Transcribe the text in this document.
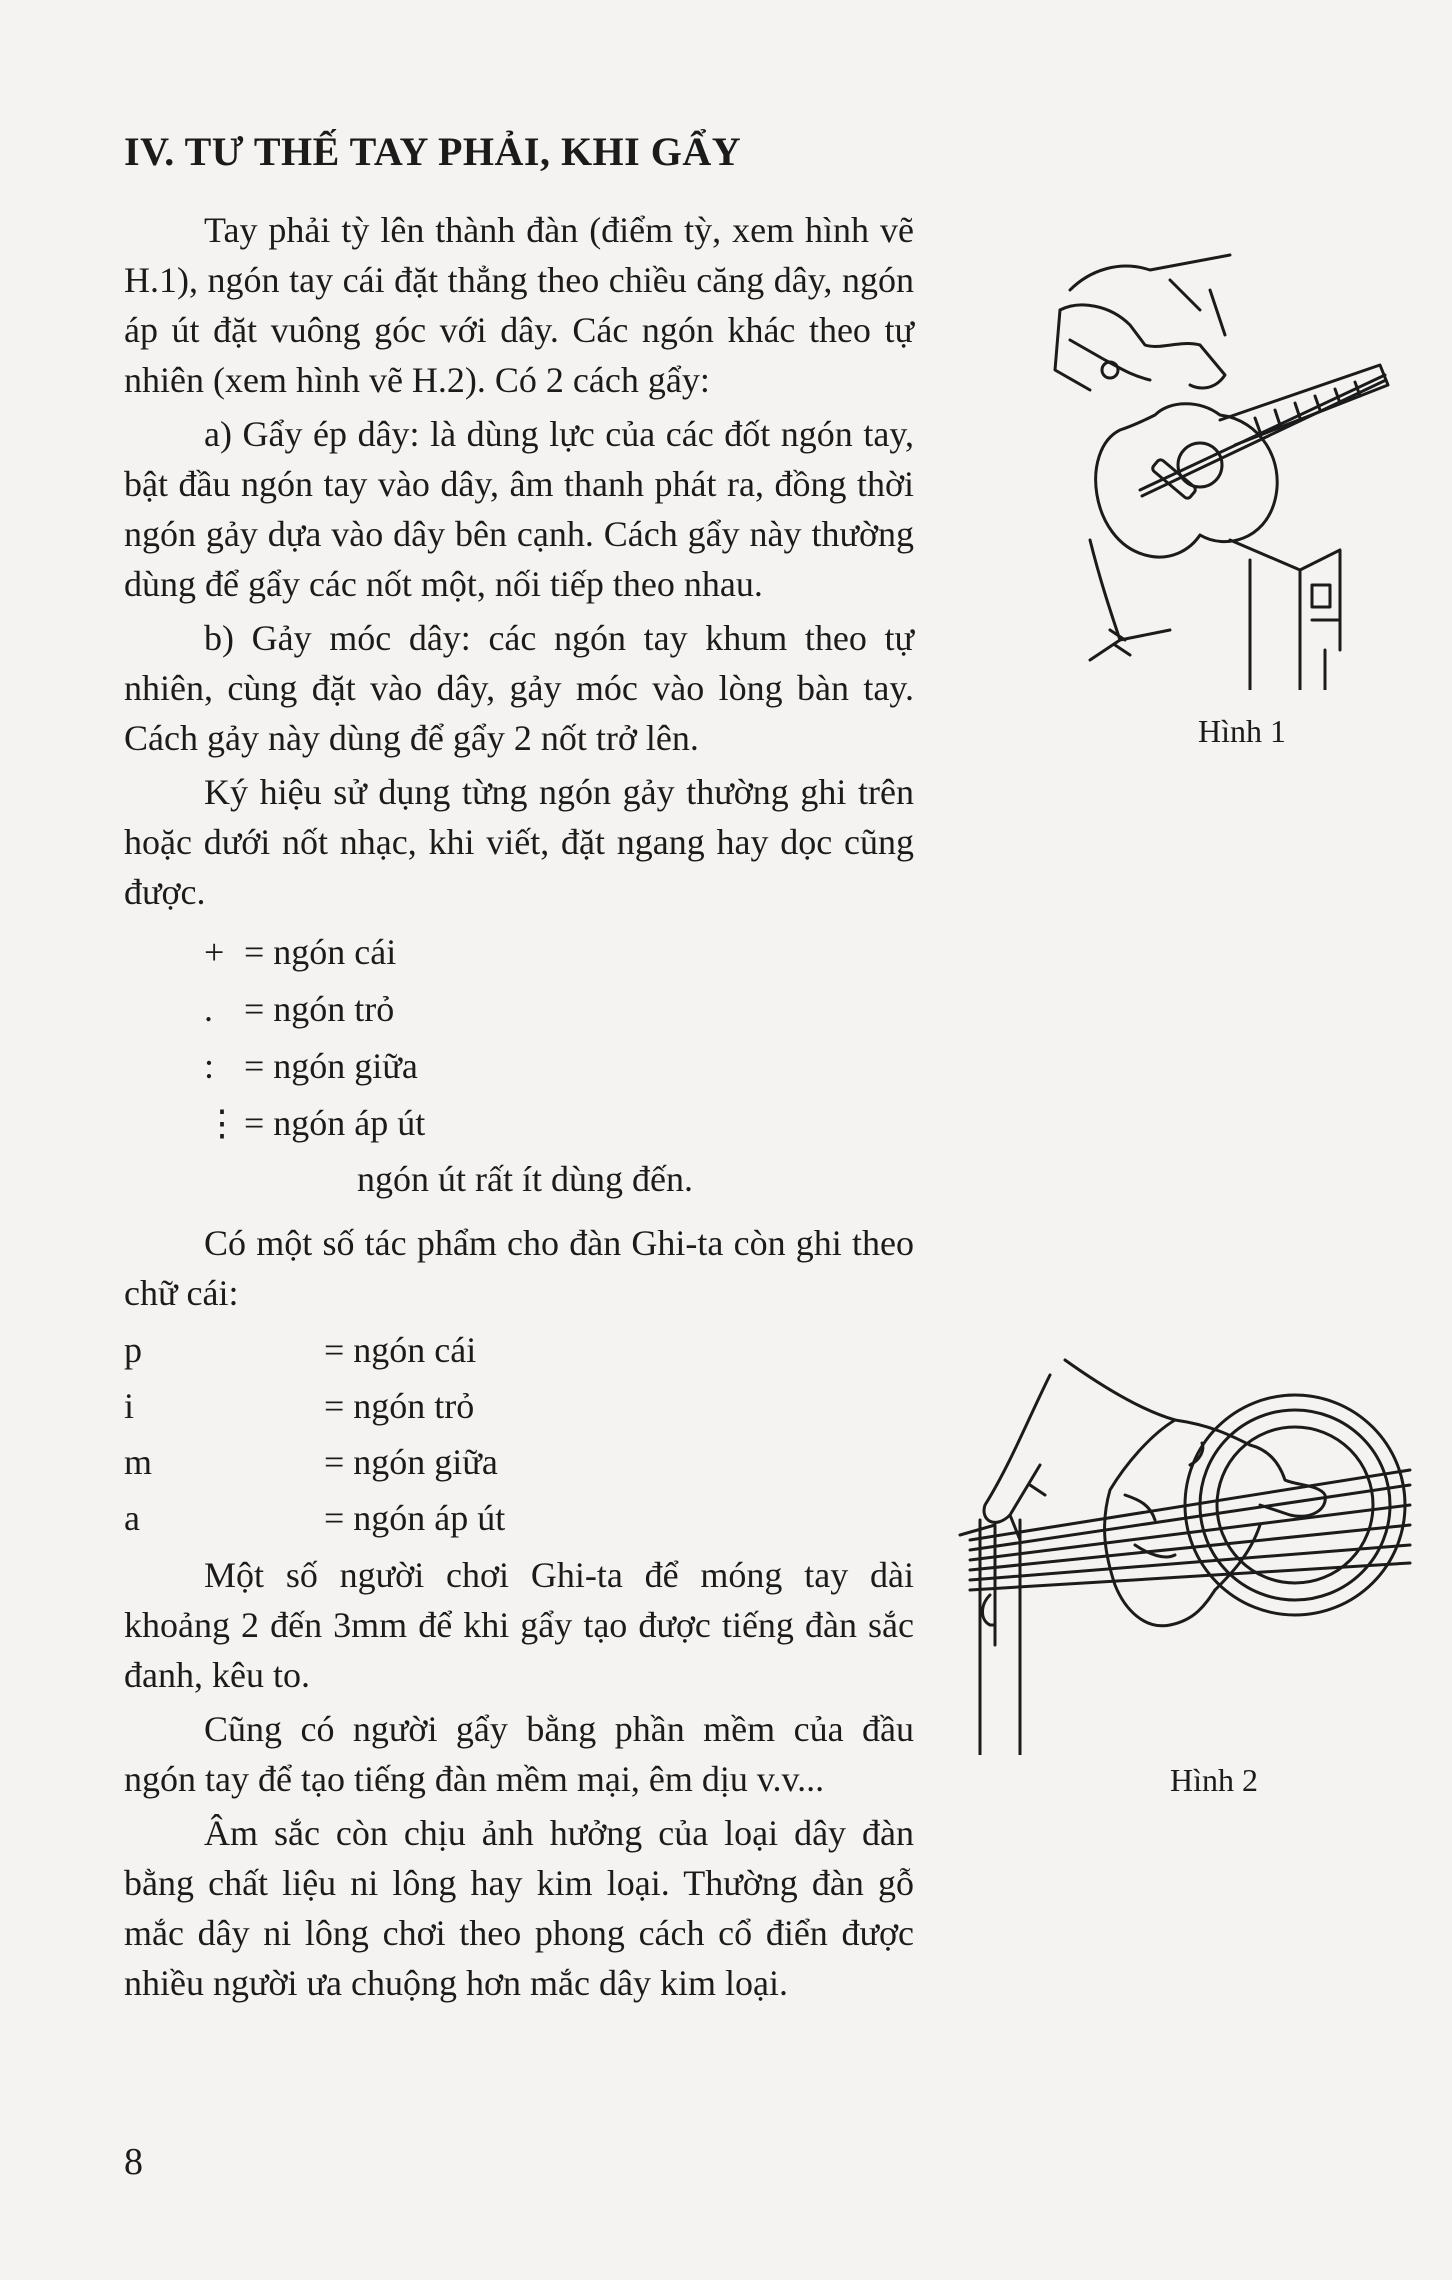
IV. TƯ THẾ TAY PHẢI, KHI GẨY

Tay phải tỳ lên thành đàn (điểm tỳ, xem hình vẽ H.1), ngón tay cái đặt thẳng theo chiều căng dây, ngón áp út đặt vuông góc với dây. Các ngón khác theo tự nhiên (xem hình vẽ H.2). Có 2 cách gẩy:

a) Gẩy ép dây: là dùng lực của các đốt ngón tay, bật đầu ngón tay vào dây, âm thanh phát ra, đồng thời ngón gảy dựa vào dây bên cạnh. Cách gẩy này thường dùng để gẩy các nốt một, nối tiếp theo nhau.

b) Gảy móc dây: các ngón tay khum theo tự nhiên, cùng đặt vào dây, gảy móc vào lòng bàn tay. Cách gảy này dùng để gẩy 2 nốt trở lên.

Ký hiệu sử dụng từng ngón gảy thường ghi trên hoặc dưới nốt nhạc, khi viết, đặt ngang hay dọc cũng được.

+ = ngón cái
. = ngón trỏ
: = ngón giữa
⋮ = ngón áp út
ngón út rất ít dùng đến.

Có một số tác phẩm cho đàn Ghi-ta còn ghi theo chữ cái:

p	= ngón cái
i	= ngón trỏ
m	= ngón giữa
a	= ngón áp út

Một số người chơi Ghi-ta để móng tay dài khoảng 2 đến 3mm để khi gẩy tạo được tiếng đàn sắc đanh, kêu to.

Cũng có người gẩy bằng phần mềm của đầu ngón tay để tạo tiếng đàn mềm mại, êm dịu v.v...

Âm sắc còn chịu ảnh hưởng của loại dây đàn bằng chất liệu ni lông hay kim loại. Thường đàn gỗ mắc dây ni lông chơi theo phong cách cổ điển được nhiều người ưa chuộng hơn mắc dây kim loại.

Hình 1
Hình 2
8
